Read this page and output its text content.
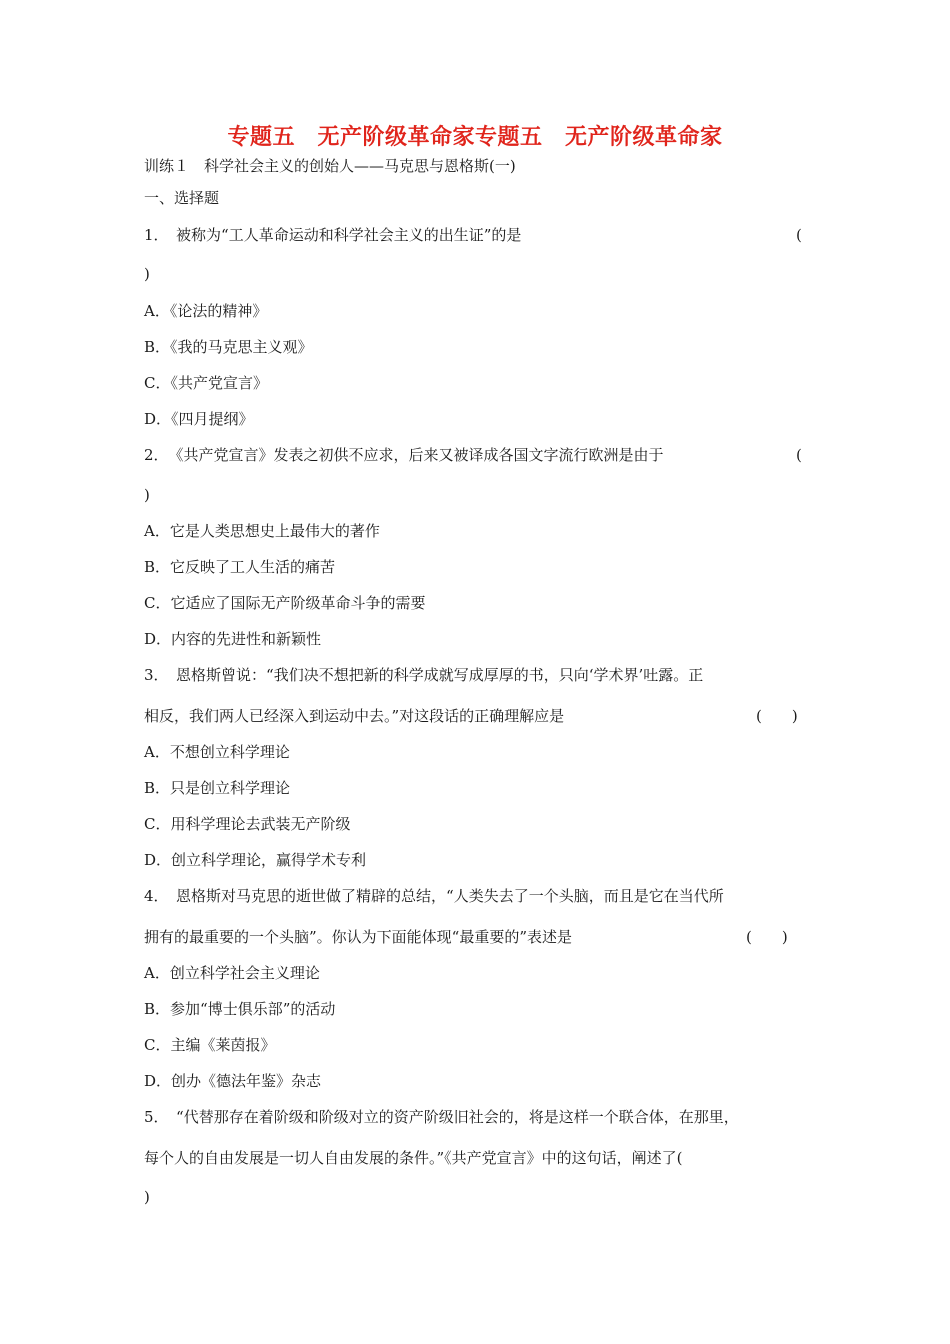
专题五　无产阶级革命家专题五　无产阶级革命家
训练１　科学社会主义的创始人——马克思与恩格斯(一)
一、选择题
1．　被称为“工人革命运动和科学社会主义的出生证”的是	(
)
A．《论法的精神》
B．《我的马克思主义观》
C．《共产党宣言》
D．《四月提纲》
2．　《共产党宣言》发表之初供不应求，后来又被译成各国文字流行欧洲是由于	(
)
A．它是人类思想史上最伟大的著作
B．它反映了工人生活的痛苦
C．它适应了国际无产阶级革命斗争的需要
D．内容的先进性和新颖性
3．　恩格斯曾说：“我们决不想把新的科学成就写成厚厚的书，只向‘学术界’吐露。正
相反，我们两人已经深入到运动中去。”对这段话的正确理解应是	(　　)
A．不想创立科学理论
B．只是创立科学理论
C．用科学理论去武装无产阶级
D．创立科学理论，赢得学术专利
4．　恩格斯对马克思的逝世做了精辟的总结，“人类失去了一个头脑，而且是它在当代所
拥有的最重要的一个头脑”。你认为下面能体现“最重要的”表述是	(　　)
A．创立科学社会主义理论
B．参加“博士俱乐部”的活动
C．主编《莱茵报》
D．创办《德法年鉴》杂志
5．　“代替那存在着阶级和阶级对立的资产阶级旧社会的，将是这样一个联合体，在那里，
每个人的自由发展是一切人自由发展的条件。”《共产党宣言》中的这句话，阐述了(
)
